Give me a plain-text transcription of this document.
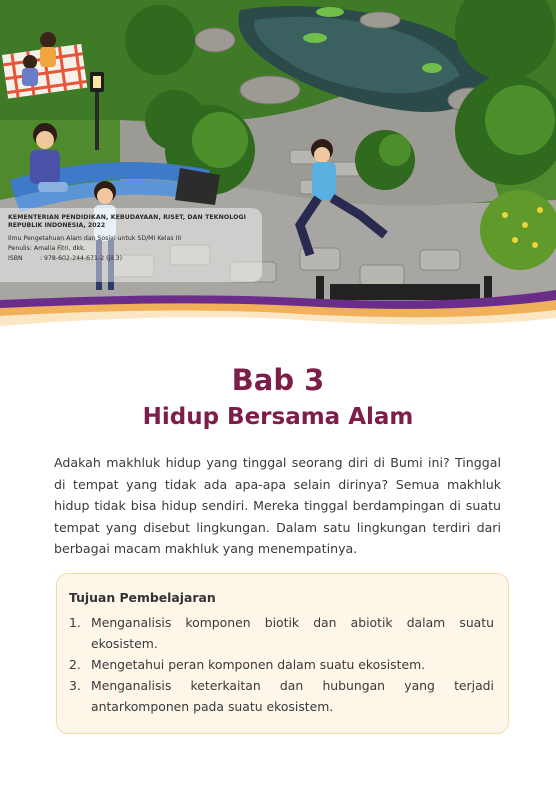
KEMENTERIAN PENDIDIKAN, KEBUDAYAAN, RISET, DAN TEKNOLOGI
REPUBLIK INDONESIA, 2022
Ilmu Pengetahuan Alam dan Sosial untuk SD/MI Kelas III
Penulis: Amalia Fitri, dkk.
ISBN	: 978-602-244-671-2 (jil.3)
Bab 3
Hidup Bersama Alam

Adakah makhluk hidup yang tinggal seorang diri di Bumi ini? Tinggal di tempat yang tidak ada apa-apa selain dirinya? Semua makhluk hidup tidak bisa hidup sendiri. Mereka tinggal berdampingan di suatu tempat yang disebut lingkungan. Dalam satu lingkungan terdiri dari berbagai macam makhluk yang menempatinya.

Tujuan Pembelajaran
1. Menganalisis komponen biotik dan abiotik dalam suatu ekosistem.
2. Mengetahui peran komponen dalam suatu ekosistem.
3. Menganalisis keterkaitan dan hubungan yang terjadi antarkomponen pada suatu ekosistem.
